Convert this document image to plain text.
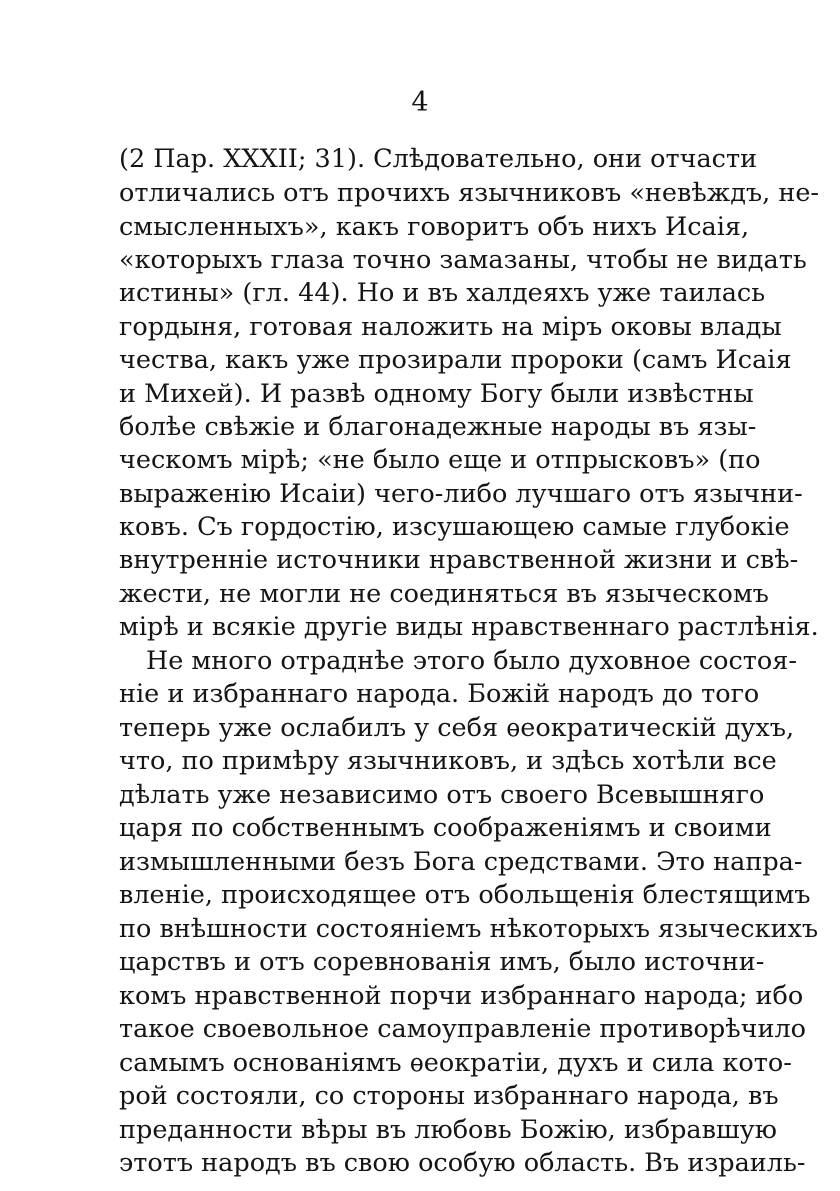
4
(2 Пар. XXXII; 31). Слѣдовательно, они отчасти
отличались отъ прочихъ язычниковъ «невѣждъ, не-
смысленныхъ», какъ говоритъ объ нихъ Исаія,
«которыхъ глаза точно замазаны, чтобы не видать
истины» (гл. 44). Но и въ халдеяхъ уже таилась
гордыня, готовая наложить на міръ оковы влады
чества, какъ уже прозирали пророки (самъ Исаія
и Михей). И развѣ одному Богу были извѣстны
болѣе свѣжіе и благонадежные народы въ язы-
ческомъ мірѣ; «не было еще и отпрысковъ» (по
выраженію Исаіи) чего-либо лучшаго отъ язычни-
ковъ. Съ гордостію, изсушающею самые глубокіе
внутренніе источники нравственной жизни и свѣ-
жести, не могли не соединяться въ языческомъ
мірѣ и всякіе другіе виды нравственнаго растлѣнія.
Не много отраднѣе этого было духовное состоя-
ніе и избраннаго народа. Божій народъ до того
теперь уже ослабилъ у себя ѳеократическій духъ,
что, по примѣру язычниковъ, и здѣсь хотѣли все
дѣлать уже независимо отъ своего Всевышняго
царя по собственнымъ соображеніямъ и своими
измышленными безъ Бога средствами. Это напра-
вленіе, происходящее отъ обольщенія блестящимъ
по внѣшности состояніемъ нѣкоторыхъ языческихъ
царствъ и отъ соревнованія имъ, было источни-
комъ нравственной порчи избраннаго народа; ибо
такое своевольное самоуправленіе противорѣчило
самымъ основаніямъ ѳеократіи, духъ и сила кото-
рой состояли, со стороны избраннаго народа, въ
преданности вѣры въ любовь Божію, избравшую
этотъ народъ въ свою особую область. Въ израиль-
